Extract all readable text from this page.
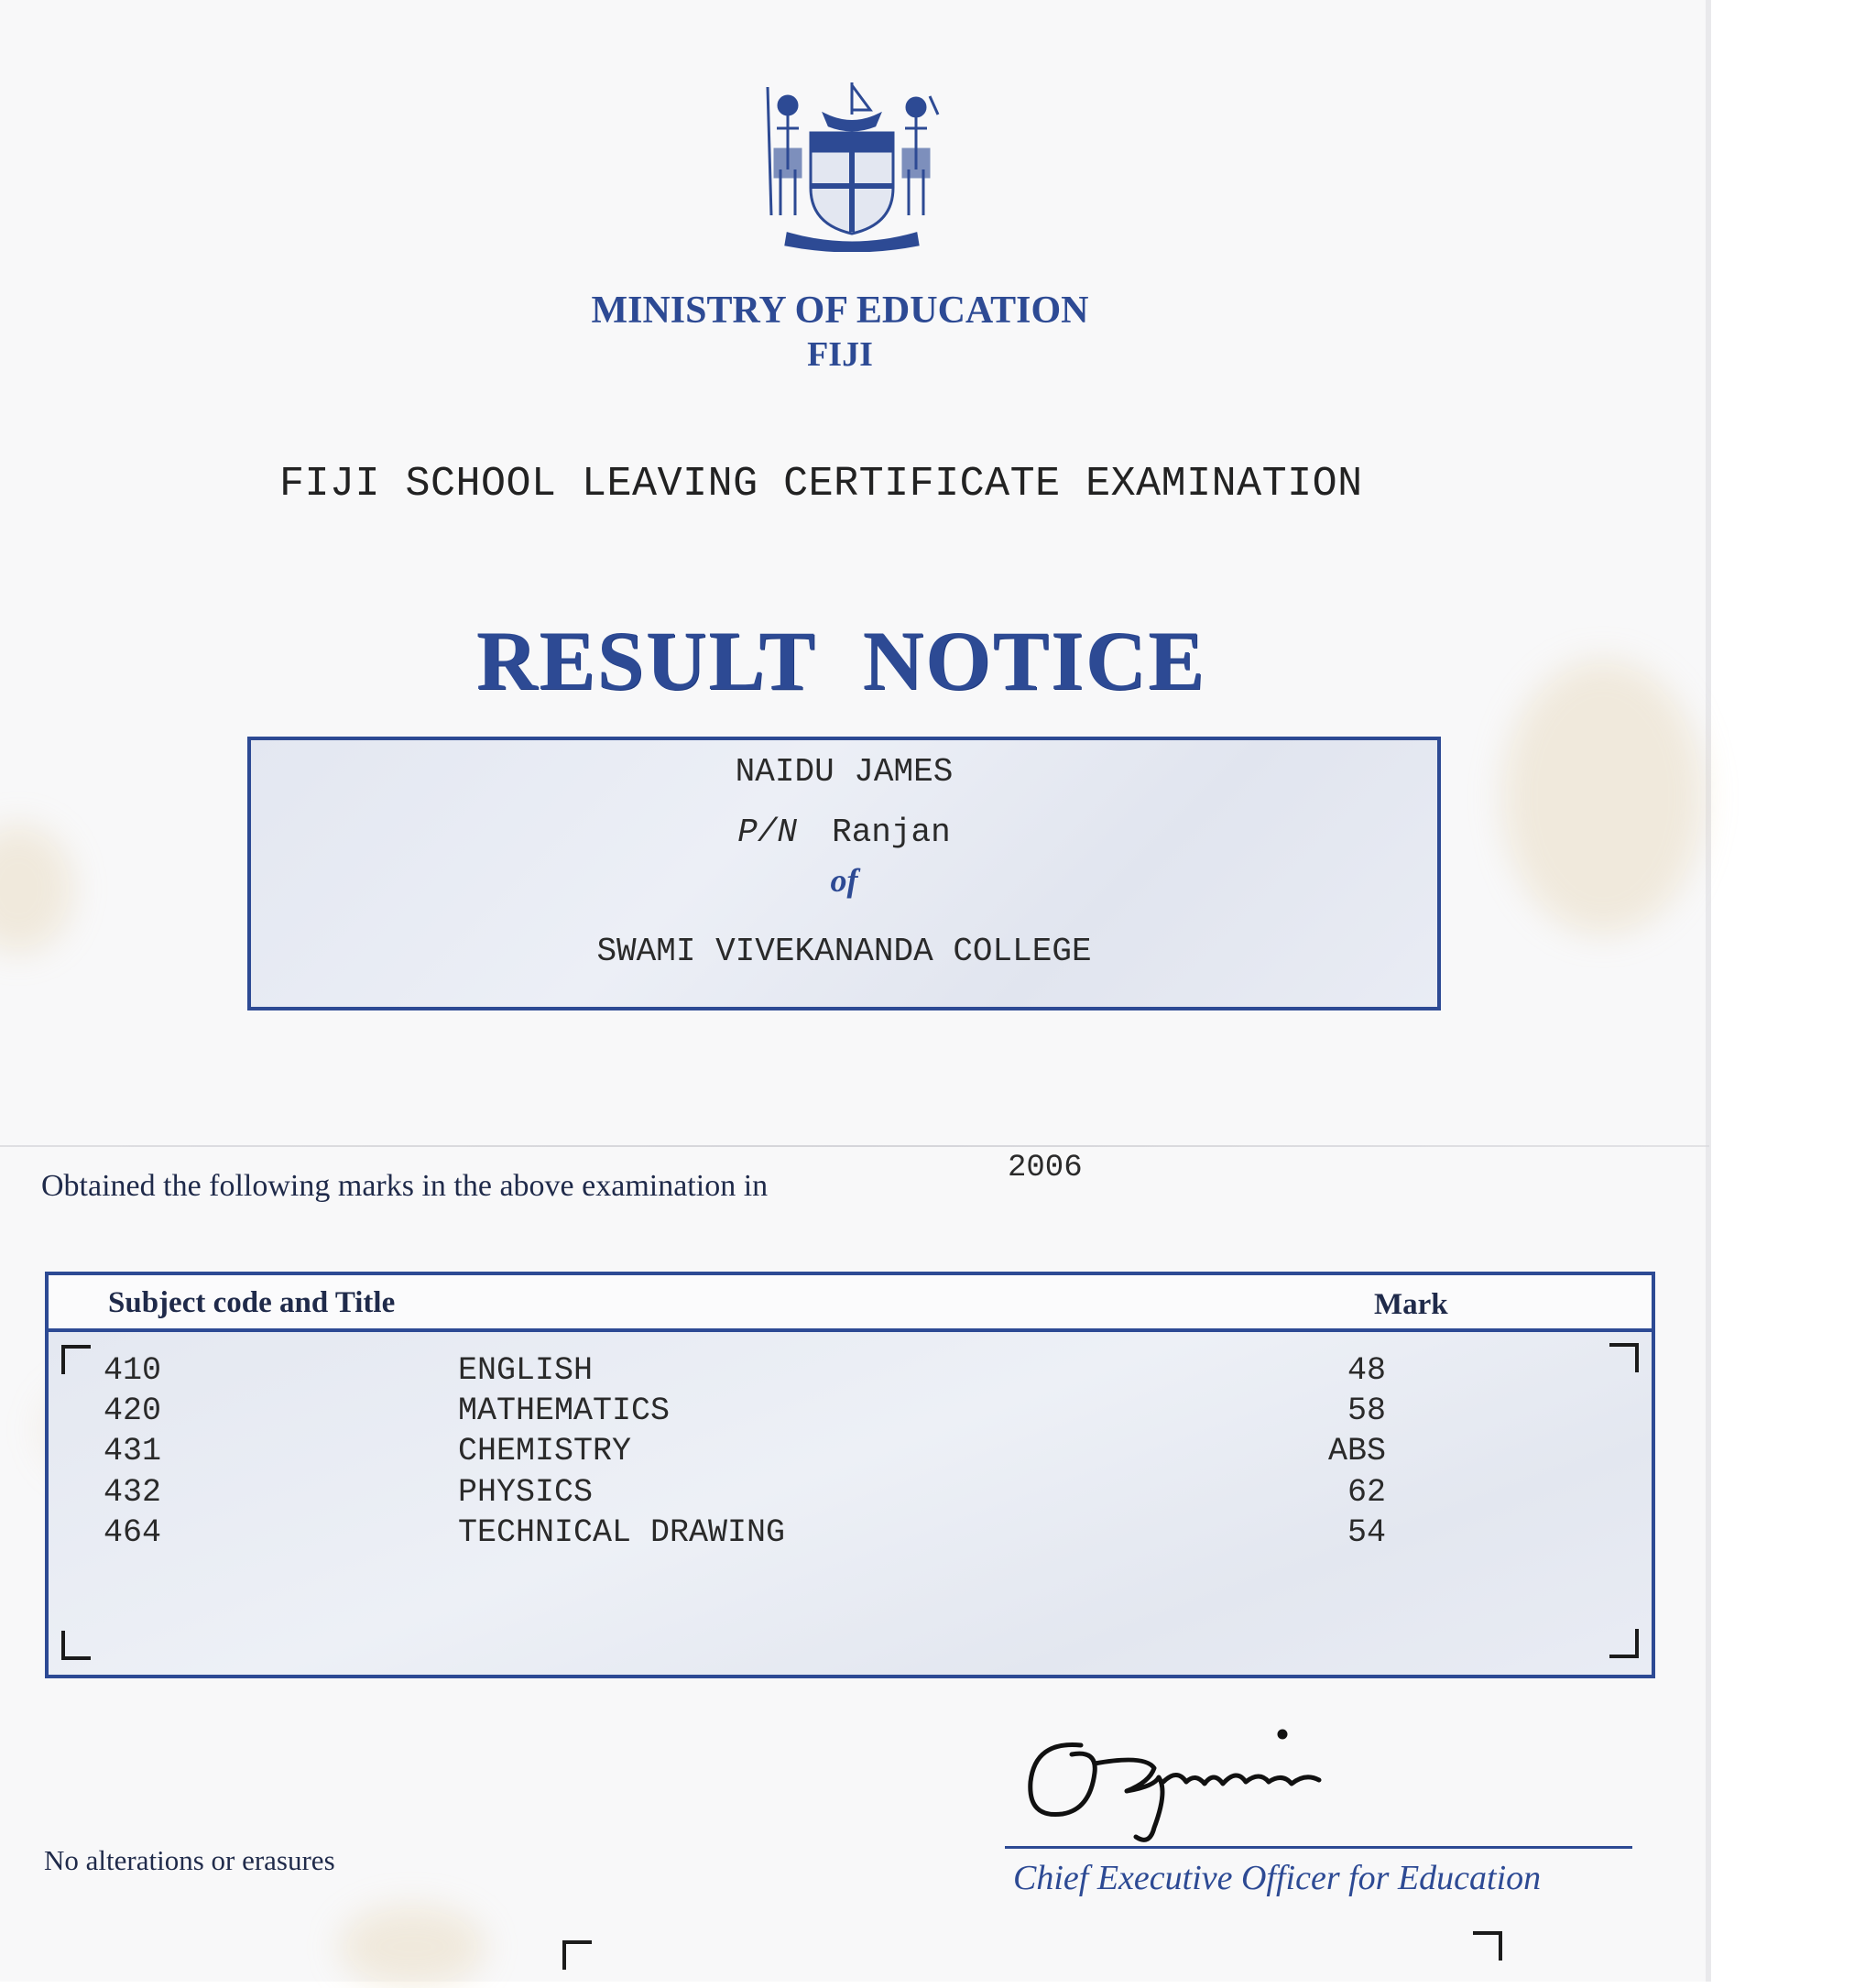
MINISTRY OF EDUCATION
FIJI
FIJI SCHOOL LEAVING CERTIFICATE EXAMINATION
RESULT NOTICE
NAIDU JAMES
P/N Ranjan
of
SWAMI VIVEKANANDA COLLEGE
Obtained the following marks in the above examination in
2006
Subject code and Title	Mark
410	ENGLISH	48
420	MATHEMATICS	58
431	CHEMISTRY	ABS
432	PHYSICS	62
464	TECHNICAL DRAWING	54
Chief Executive Officer for Education
No alterations or erasures
